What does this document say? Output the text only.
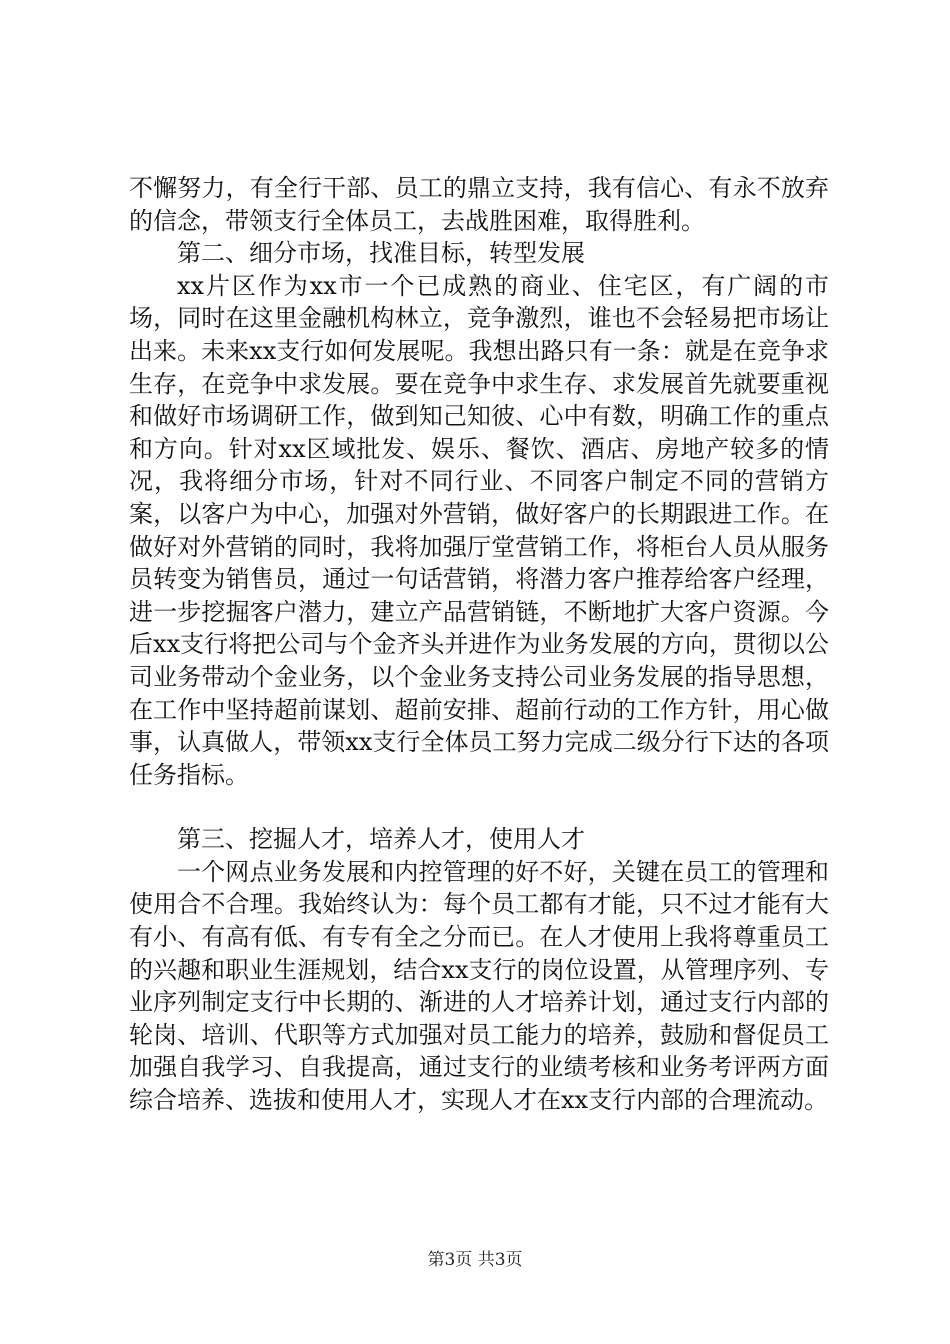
不懈努力，有全行干部、员工的鼎立支持，我有信心、有永不放弃的信念，带领支行全体员工，去战胜困难，取得胜利。

第二、细分市场，找准目标，转型发展

xx片区作为xx市一个已成熟的商业、住宅区，有广阔的市场，同时在这里金融机构林立，竞争激烈，谁也不会轻易把市场让出来。未来xx支行如何发展呢。我想出路只有一条：就是在竞争求生存，在竞争中求发展。要在竞争中求生存、求发展首先就要重视和做好市场调研工作，做到知己知彼、心中有数，明确工作的重点和方向。针对xx区域批发、娱乐、餐饮、酒店、房地产较多的情况，我将细分市场，针对不同行业、不同客户制定不同的营销方案，以客户为中心，加强对外营销，做好客户的长期跟进工作。在做好对外营销的同时，我将加强厅堂营销工作，将柜台人员从服务员转变为销售员，通过一句话营销，将潜力客户推荐给客户经理，进一步挖掘客户潜力，建立产品营销链，不断地扩大客户资源。今后xx支行将把公司与个金齐头并进作为业务发展的方向，贯彻以公司业务带动个金业务，以个金业务支持公司业务发展的指导思想，在工作中坚持超前谋划、超前安排、超前行动的工作方针，用心做事，认真做人，带领xx支行全体员工努力完成二级分行下达的各项任务指标。

第三、挖掘人才，培养人才，使用人才

一个网点业务发展和内控管理的好不好，关键在员工的管理和使用合不合理。我始终认为：每个员工都有才能，只不过才能有大有小、有高有低、有专有全之分而已。在人才使用上我将尊重员工的兴趣和职业生涯规划，结合xx支行的岗位设置，从管理序列、专业序列制定支行中长期的、渐进的人才培养计划，通过支行内部的轮岗、培训、代职等方式加强对员工能力的培养，鼓励和督促员工加强自我学习、自我提高，通过支行的业绩考核和业务考评两方面综合培养、选拔和使用人才，实现人才在xx支行内部的合理流动。

第3页 共3页
